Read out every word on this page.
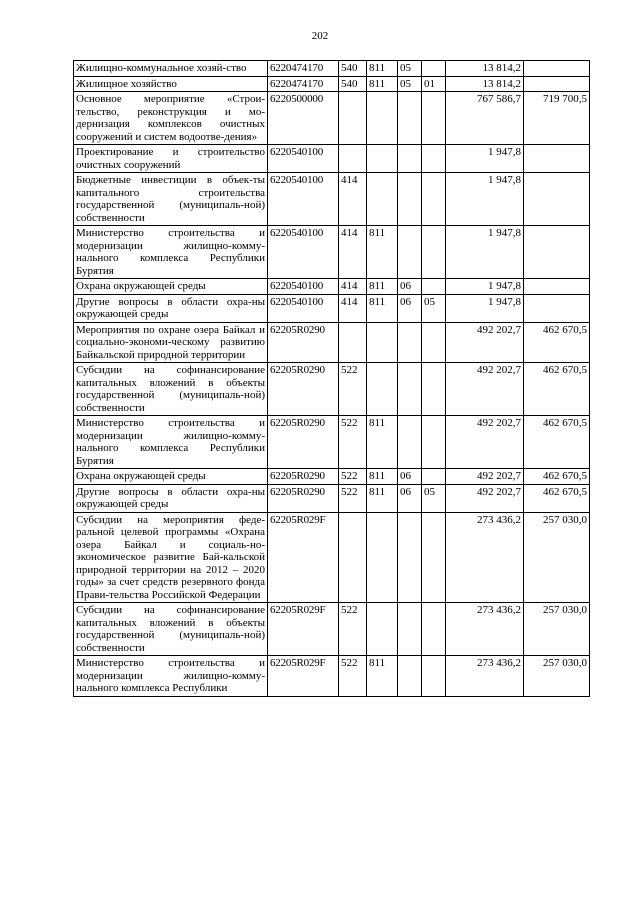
202
Жилищно-коммунальное хозяй-ство	6220474170	540	811	05		13 814,2	
Жилищное хозяйство	6220474170	540	811	05	01	13 814,2	
Основное мероприятие «Строи-тельство, реконструкция и мо-дернизация комплексов очистных сооружений и систем водоотве-дения»	6220500000					767 586,7	719 700,5
Проектирование и строительство очистных сооружений	6220540100					1 947,8	
Бюджетные инвестиции в объек-ты капитального строительства государственной (муниципаль-ной) собственности	6220540100	414				1 947,8	
Министерство строительства и модернизации жилищно-комму-нального комплекса Республики Бурятия	6220540100	414	811			1 947,8	
Охрана окружающей среды	6220540100	414	811	06		1 947,8	
Другие вопросы в области охра-ны окружающей среды	6220540100	414	811	06	05	1 947,8	
Мероприятия по охране озера Байкал и социально-экономи-ческому развитию Байкальской природной территории	62205R0290					492 202,7	462 670,5
Субсидии на софинансирование капитальных вложений в объекты государственной (муниципаль-ной) собственности	62205R0290	522				492 202,7	462 670,5
Министерство строительства и модернизации жилищно-комму-нального комплекса Республики Бурятия	62205R0290	522	811			492 202,7	462 670,5
Охрана окружающей среды	62205R0290	522	811	06		492 202,7	462 670,5
Другие вопросы в области охра-ны окружающей среды	62205R0290	522	811	06	05	492 202,7	462 670,5
Субсидии на мероприятия феде-ральной целевой программы «Охрана озера Байкал и социаль-но-экономическое развитие Бай-кальской природной территории на 2012 – 2020 годы» за счет средств резервного фонда Прави-тельства Российской Федерации	62205R029F					273 436,2	257 030,0
Субсидии на софинансирование капитальных вложений в объекты государственной (муниципаль-ной) собственности	62205R029F	522				273 436,2	257 030,0
Министерство строительства и модернизации жилищно-комму-нального комплекса Республики	62205R029F	522	811			273 436,2	257 030,0
